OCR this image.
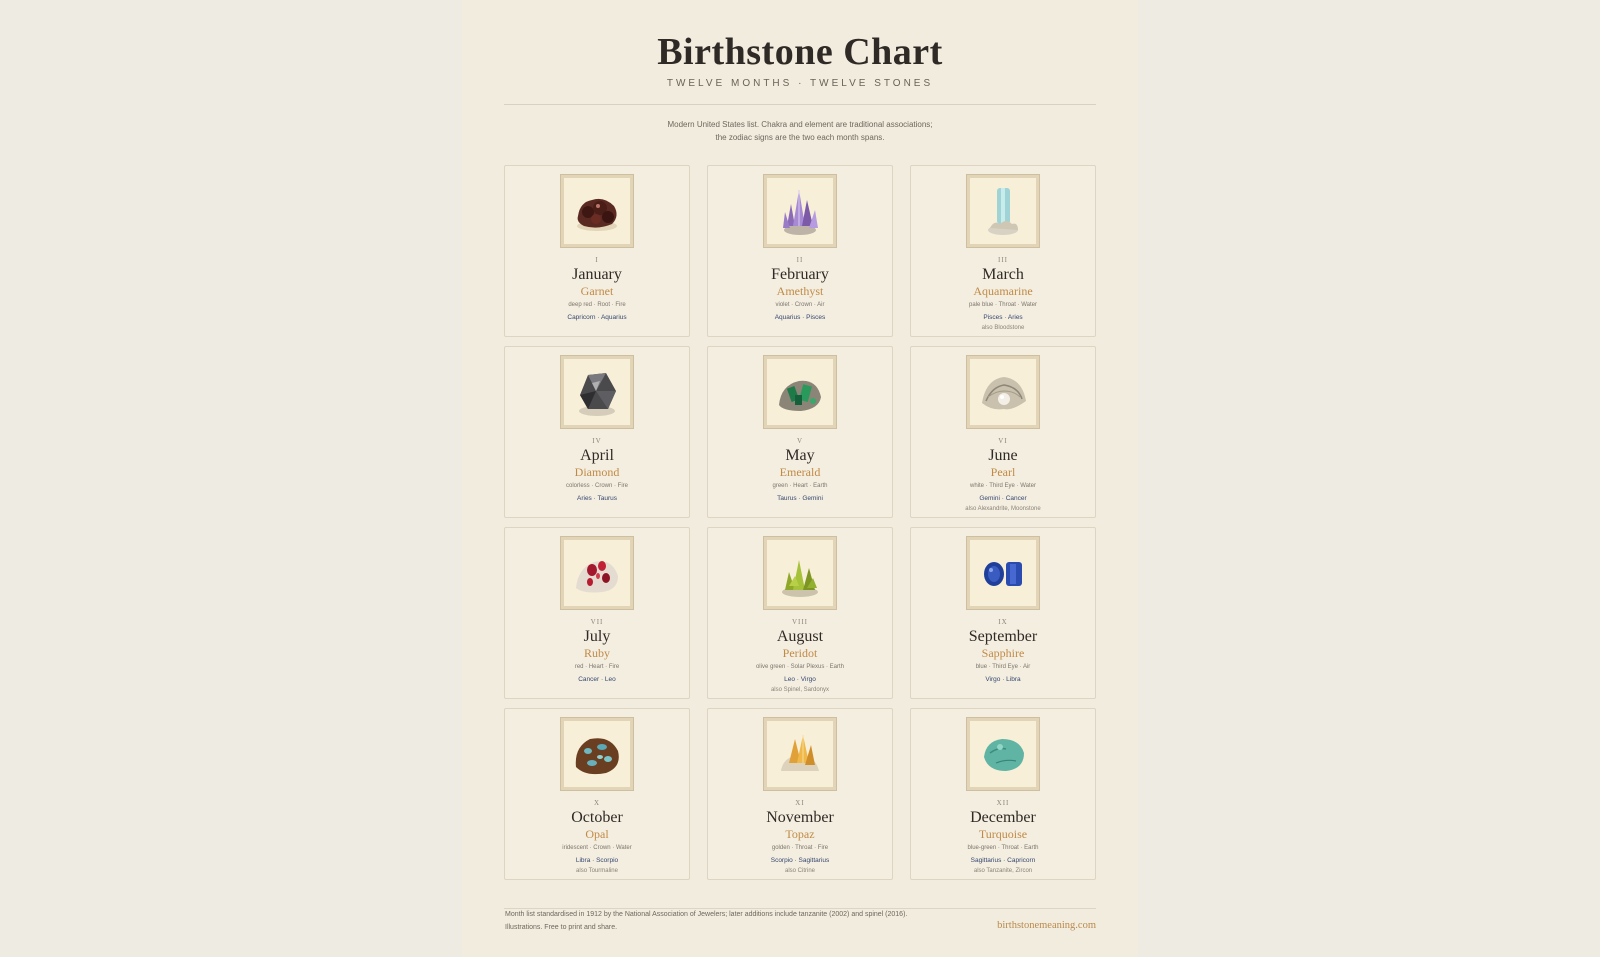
Birthstone Chart
TWELVE MONTHS · TWELVE STONES
Modern United States list. Chakra and element are traditional associations;
the zodiac signs are the two each month spans.
I
January
Garnet
deep red · Root · Fire
Capricorn · Aquarius
II
February
Amethyst
violet · Crown · Air
Aquarius · Pisces
III
March
Aquamarine
pale blue · Throat · Water
Pisces · Aries
also Bloodstone
IV
April
Diamond
colorless · Crown · Fire
Aries · Taurus
V
May
Emerald
green · Heart · Earth
Taurus · Gemini
VI
June
Pearl
white · Third Eye · Water
Gemini · Cancer
also Alexandrite, Moonstone
VII
July
Ruby
red · Heart · Fire
Cancer · Leo
VIII
August
Peridot
olive green · Solar Plexus · Earth
Leo · Virgo
also Spinel, Sardonyx
IX
September
Sapphire
blue · Third Eye · Air
Virgo · Libra
X
October
Opal
iridescent · Crown · Water
Libra · Scorpio
also Tourmaline
XI
November
Topaz
golden · Throat · Fire
Scorpio · Sagittarius
also Citrine
XII
December
Turquoise
blue-green · Throat · Earth
Sagittarius · Capricorn
also Tanzanite, Zircon
Month list standardised in 1912 by the National Association of Jewelers; later additions include tanzanite (2002) and spinel (2016).
Illustrations. Free to print and share.	birthstonemeaning.com
